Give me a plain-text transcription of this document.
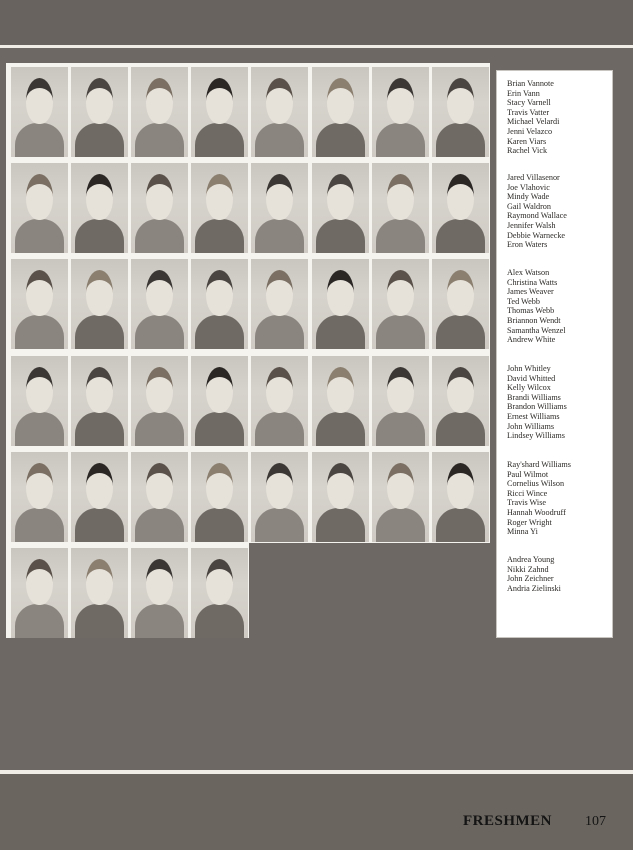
Brian Vannote
Erin Vann
Stacy Varnell
Travis Vatter
Michael Velardi
Jenni Velazco
Karen Viars
Rachel Vick
Jared Villasenor
Joe Vlahovic
Mindy Wade
Gail Waldron
Raymond Wallace
Jennifer Walsh
Debbie Warnecke
Eron Waters
Alex Watson
Christina Watts
James Weaver
Ted Webb
Thomas Webb
Briannon Wendt
Samantha Wenzel
Andrew White
John Whitley
David Whitted
Kelly Wilcox
Brandi Williams
Brandon Williams
Ernest Williams
John Williams
Lindsey Williams
Ray'shard Williams
Paul Wilmot
Cornelius Wilson
Ricci Wince
Travis Wise
Hannah Woodruff
Roger Wright
Minna Yi
Andrea Young
Nikki Zahnd
John Zeichner
Andria Zielinski
FRESHMEN 107
